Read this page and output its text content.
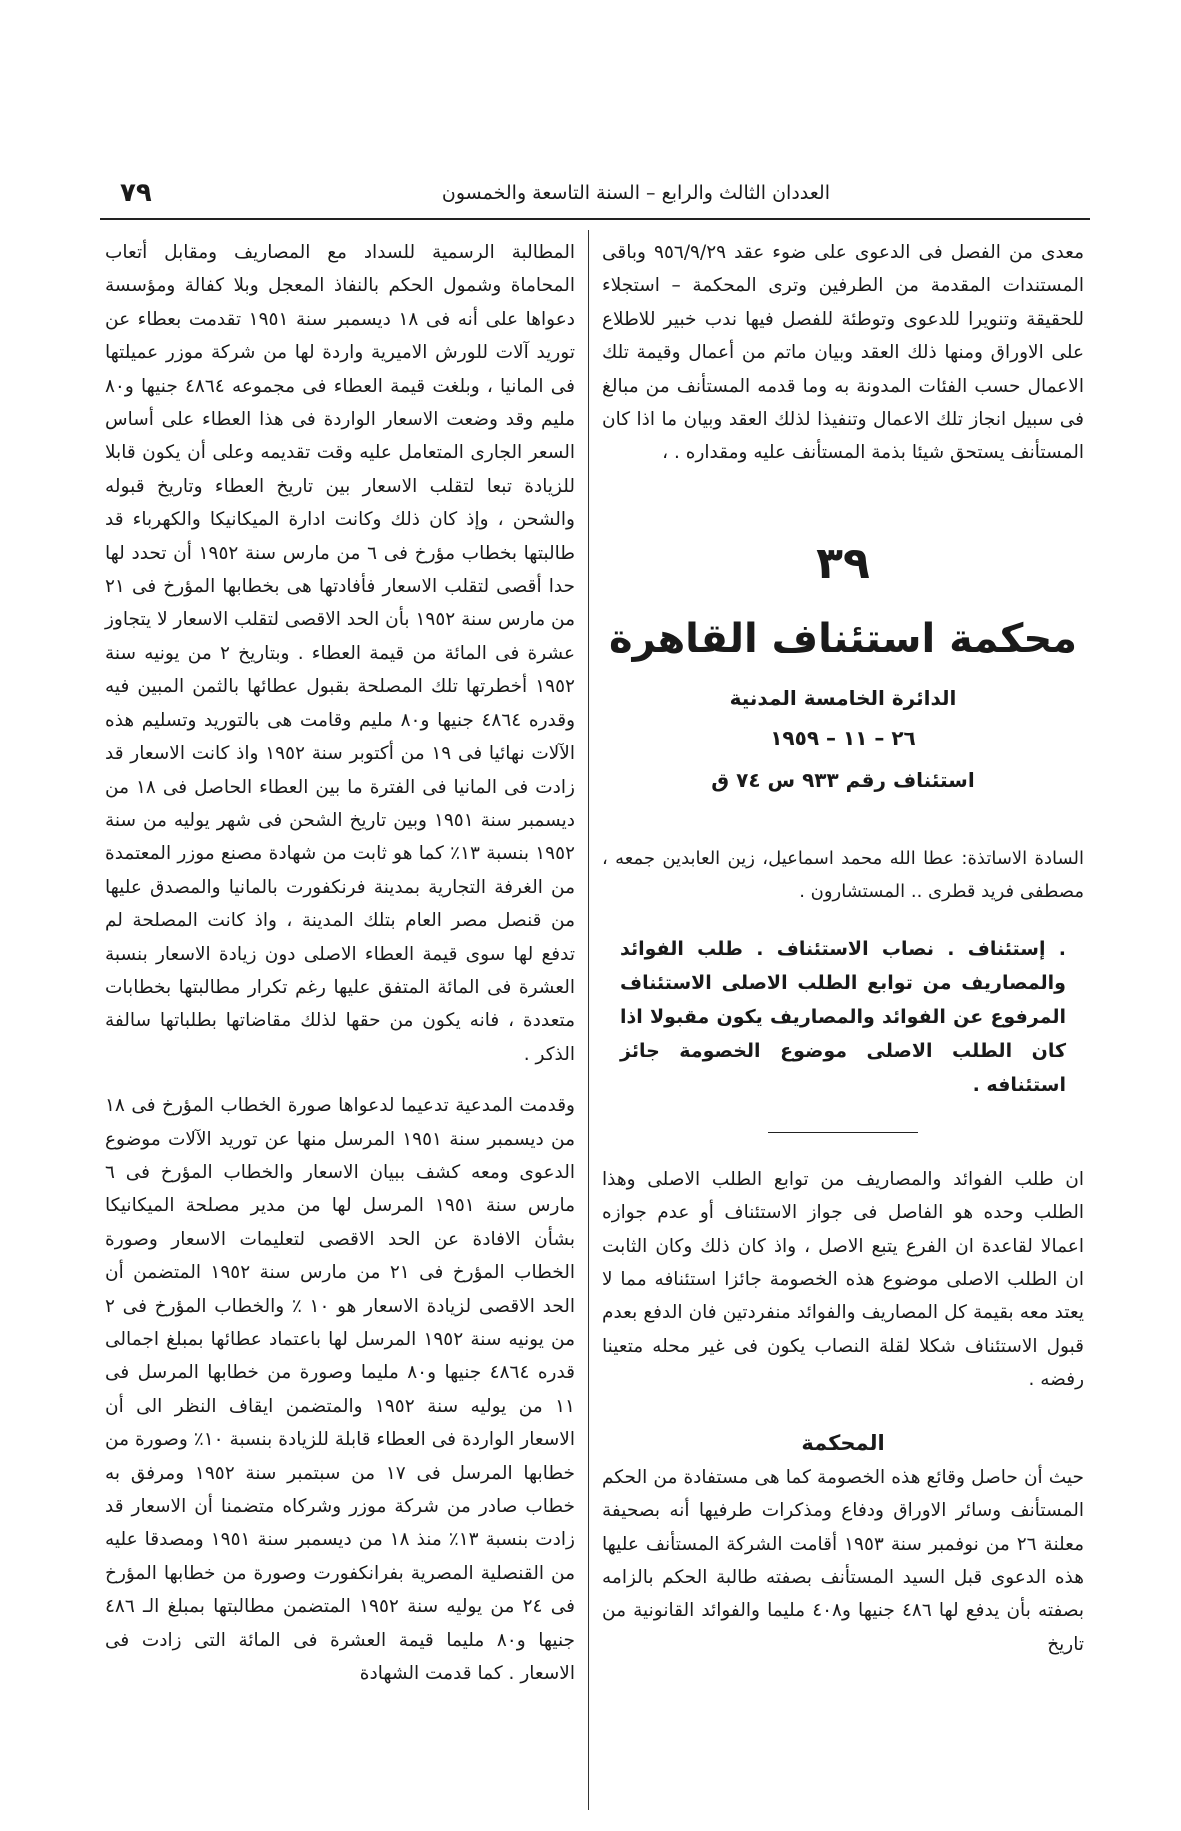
العددان الثالث والرابع – السنة التاسعة والخمسون
٧٩

معدى من الفصل فى الدعوى على ضوء عقد ٩٥٦/٩/٢٩ وباقى المستندات المقدمة من الطرفين وترى المحكمة – استجلاء للحقيقة وتنويرا للدعوى وتوطئة للفصل فيها ندب خبير للاطلاع على الاوراق ومنها ذلك العقد وبيان ماتم من أعمال وقيمة تلك الاعمال حسب الفئات المدونة به وما قدمه المستأنف من مبالغ فى سبيل انجاز تلك الاعمال وتنفيذا لذلك العقد وبيان ما اذا كان المستأنف يستحق شيئا بذمة المستأنف عليه ومقداره . ،

٣٩
محكمة استئناف القاهرة
الدائرة الخامسة المدنية
٢٦ – ١١ – ١٩٥٩
استئناف رقم ٩٣٣ س ٧٤ ق
السادة الاساتذة: عطا الله محمد اسماعيل، زين العابدين جمعه ، مصطفى فريد قطرى .. المستشارون .
. إستئناف . نصاب الاستئناف . طلب الفوائد والمصاريف من توابع الطلب الاصلى الاستئناف المرفوع عن الفوائد والمصاريف يكون مقبولا اذا كان الطلب الاصلى موضوع الخصومة جائز استئنافه .
ان طلب الفوائد والمصاريف من توابع الطلب الاصلى وهذا الطلب وحده هو الفاصل فى جواز الاستئناف أو عدم جوازه اعمالا لقاعدة ان الفرع يتبع الاصل ، واذ كان ذلك وكان الثابت ان الطلب الاصلى موضوع هذه الخصومة جائزا استئنافه مما لا يعتد معه بقيمة كل المصاريف والفوائد منفردتين فان الدفع بعدم قبول الاستئناف شكلا لقلة النصاب يكون فى غير محله متعينا رفضه .
المحكمة
حيث أن حاصل وقائع هذه الخصومة كما هى مستفادة من الحكم المستأنف وسائر الاوراق ودفاع ومذكرات طرفيها أنه بصحيفة معلنة ٢٦ من نوفمبر سنة ١٩٥٣ أقامت الشركة المستأنف عليها هذه الدعوى قبل السيد المستأنف بصفته طالبة الحكم بالزامه بصفته بأن يدفع لها ٤٨٦ جنيها و٤٠٨ مليما والفوائد القانونية من تاريخ

المطالبة الرسمية للسداد مع المصاريف ومقابل أتعاب المحاماة وشمول الحكم بالنفاذ المعجل وبلا كفالة ومؤسسة دعواها على أنه فى ١٨ ديسمبر سنة ١٩٥١ تقدمت بعطاء عن توريد آلات للورش الاميرية واردة لها من شركة موزر عميلتها فى المانيا ، وبلغت قيمة العطاء فى مجموعه ٤٨٦٤ جنيها و٨٠ مليم وقد وضعت الاسعار الواردة فى هذا العطاء على أساس السعر الجارى المتعامل عليه وقت تقديمه وعلى أن يكون قابلا للزيادة تبعا لتقلب الاسعار بين تاريخ العطاء وتاريخ قبوله والشحن ، وإذ كان ذلك وكانت ادارة الميكانيكا والكهرباء قد طالبتها بخطاب مؤرخ فى ٦ من مارس سنة ١٩٥٢ أن تحدد لها حدا أقصى لتقلب الاسعار فأفادتها هى بخطابها المؤرخ فى ٢١ من مارس سنة ١٩٥٢ بأن الحد الاقصى لتقلب الاسعار لا يتجاوز عشرة فى المائة من قيمة العطاء . وبتاريخ ٢ من يونيه سنة ١٩٥٢ أخطرتها تلك المصلحة بقبول عطائها بالثمن المبين فيه وقدره ٤٨٦٤ جنيها و٨٠ مليم وقامت هى بالتوريد وتسليم هذه الآلات نهائيا فى ١٩ من أكتوبر سنة ١٩٥٢ واذ كانت الاسعار قد زادت فى المانيا فى الفترة ما بين العطاء الحاصل فى ١٨ من ديسمبر سنة ١٩٥١ وبين تاريخ الشحن فى شهر يوليه من سنة ١٩٥٢ بنسبة ١٣٪ كما هو ثابت من شهادة مصنع موزر المعتمدة من الغرفة التجارية بمدينة فرنكفورت بالمانيا والمصدق عليها من قنصل مصر العام بتلك المدينة ، واذ كانت المصلحة لم تدفع لها سوى قيمة العطاء الاصلى دون زيادة الاسعار بنسبة العشرة فى المائة المتفق عليها رغم تكرار مطالبتها بخطابات متعددة ، فانه يكون من حقها لذلك مقاضاتها بطلباتها سالفة الذكر .

وقدمت المدعية تدعيما لدعواها صورة الخطاب المؤرخ فى ١٨ من ديسمبر سنة ١٩٥١ المرسل منها عن توريد الآلات موضوع الدعوى ومعه كشف ببيان الاسعار والخطاب المؤرخ فى ٦ مارس سنة ١٩٥١ المرسل لها من مدير مصلحة الميكانيكا بشأن الافادة عن الحد الاقصى لتعليمات الاسعار وصورة الخطاب المؤرخ فى ٢١ من مارس سنة ١٩٥٢ المتضمن أن الحد الاقصى لزيادة الاسعار هو ١٠ ٪ والخطاب المؤرخ فى ٢ من يونيه سنة ١٩٥٢ المرسل لها باعتماد عطائها بمبلغ اجمالى قدره ٤٨٦٤ جنيها و٨٠ مليما وصورة من خطابها المرسل فى ١١ من يوليه سنة ١٩٥٢ والمتضمن ايقاف النظر الى أن الاسعار الواردة فى العطاء قابلة للزيادة بنسبة ١٠٪ وصورة من خطابها المرسل فى ١٧ من سبتمبر سنة ١٩٥٢ ومرفق به خطاب صادر من شركة موزر وشركاه متضمنا أن الاسعار قد زادت بنسبة ١٣٪ منذ ١٨ من ديسمبر سنة ١٩٥١ ومصدقا عليه من القنصلية المصرية بفرانكفورت وصورة من خطابها المؤرخ فى ٢٤ من يوليه سنة ١٩٥٢ المتضمن مطالبتها بمبلغ الـ ٤٨٦ جنيها و٨٠ مليما قيمة العشرة فى المائة التى زادت فى الاسعار . كما قدمت الشهادة
